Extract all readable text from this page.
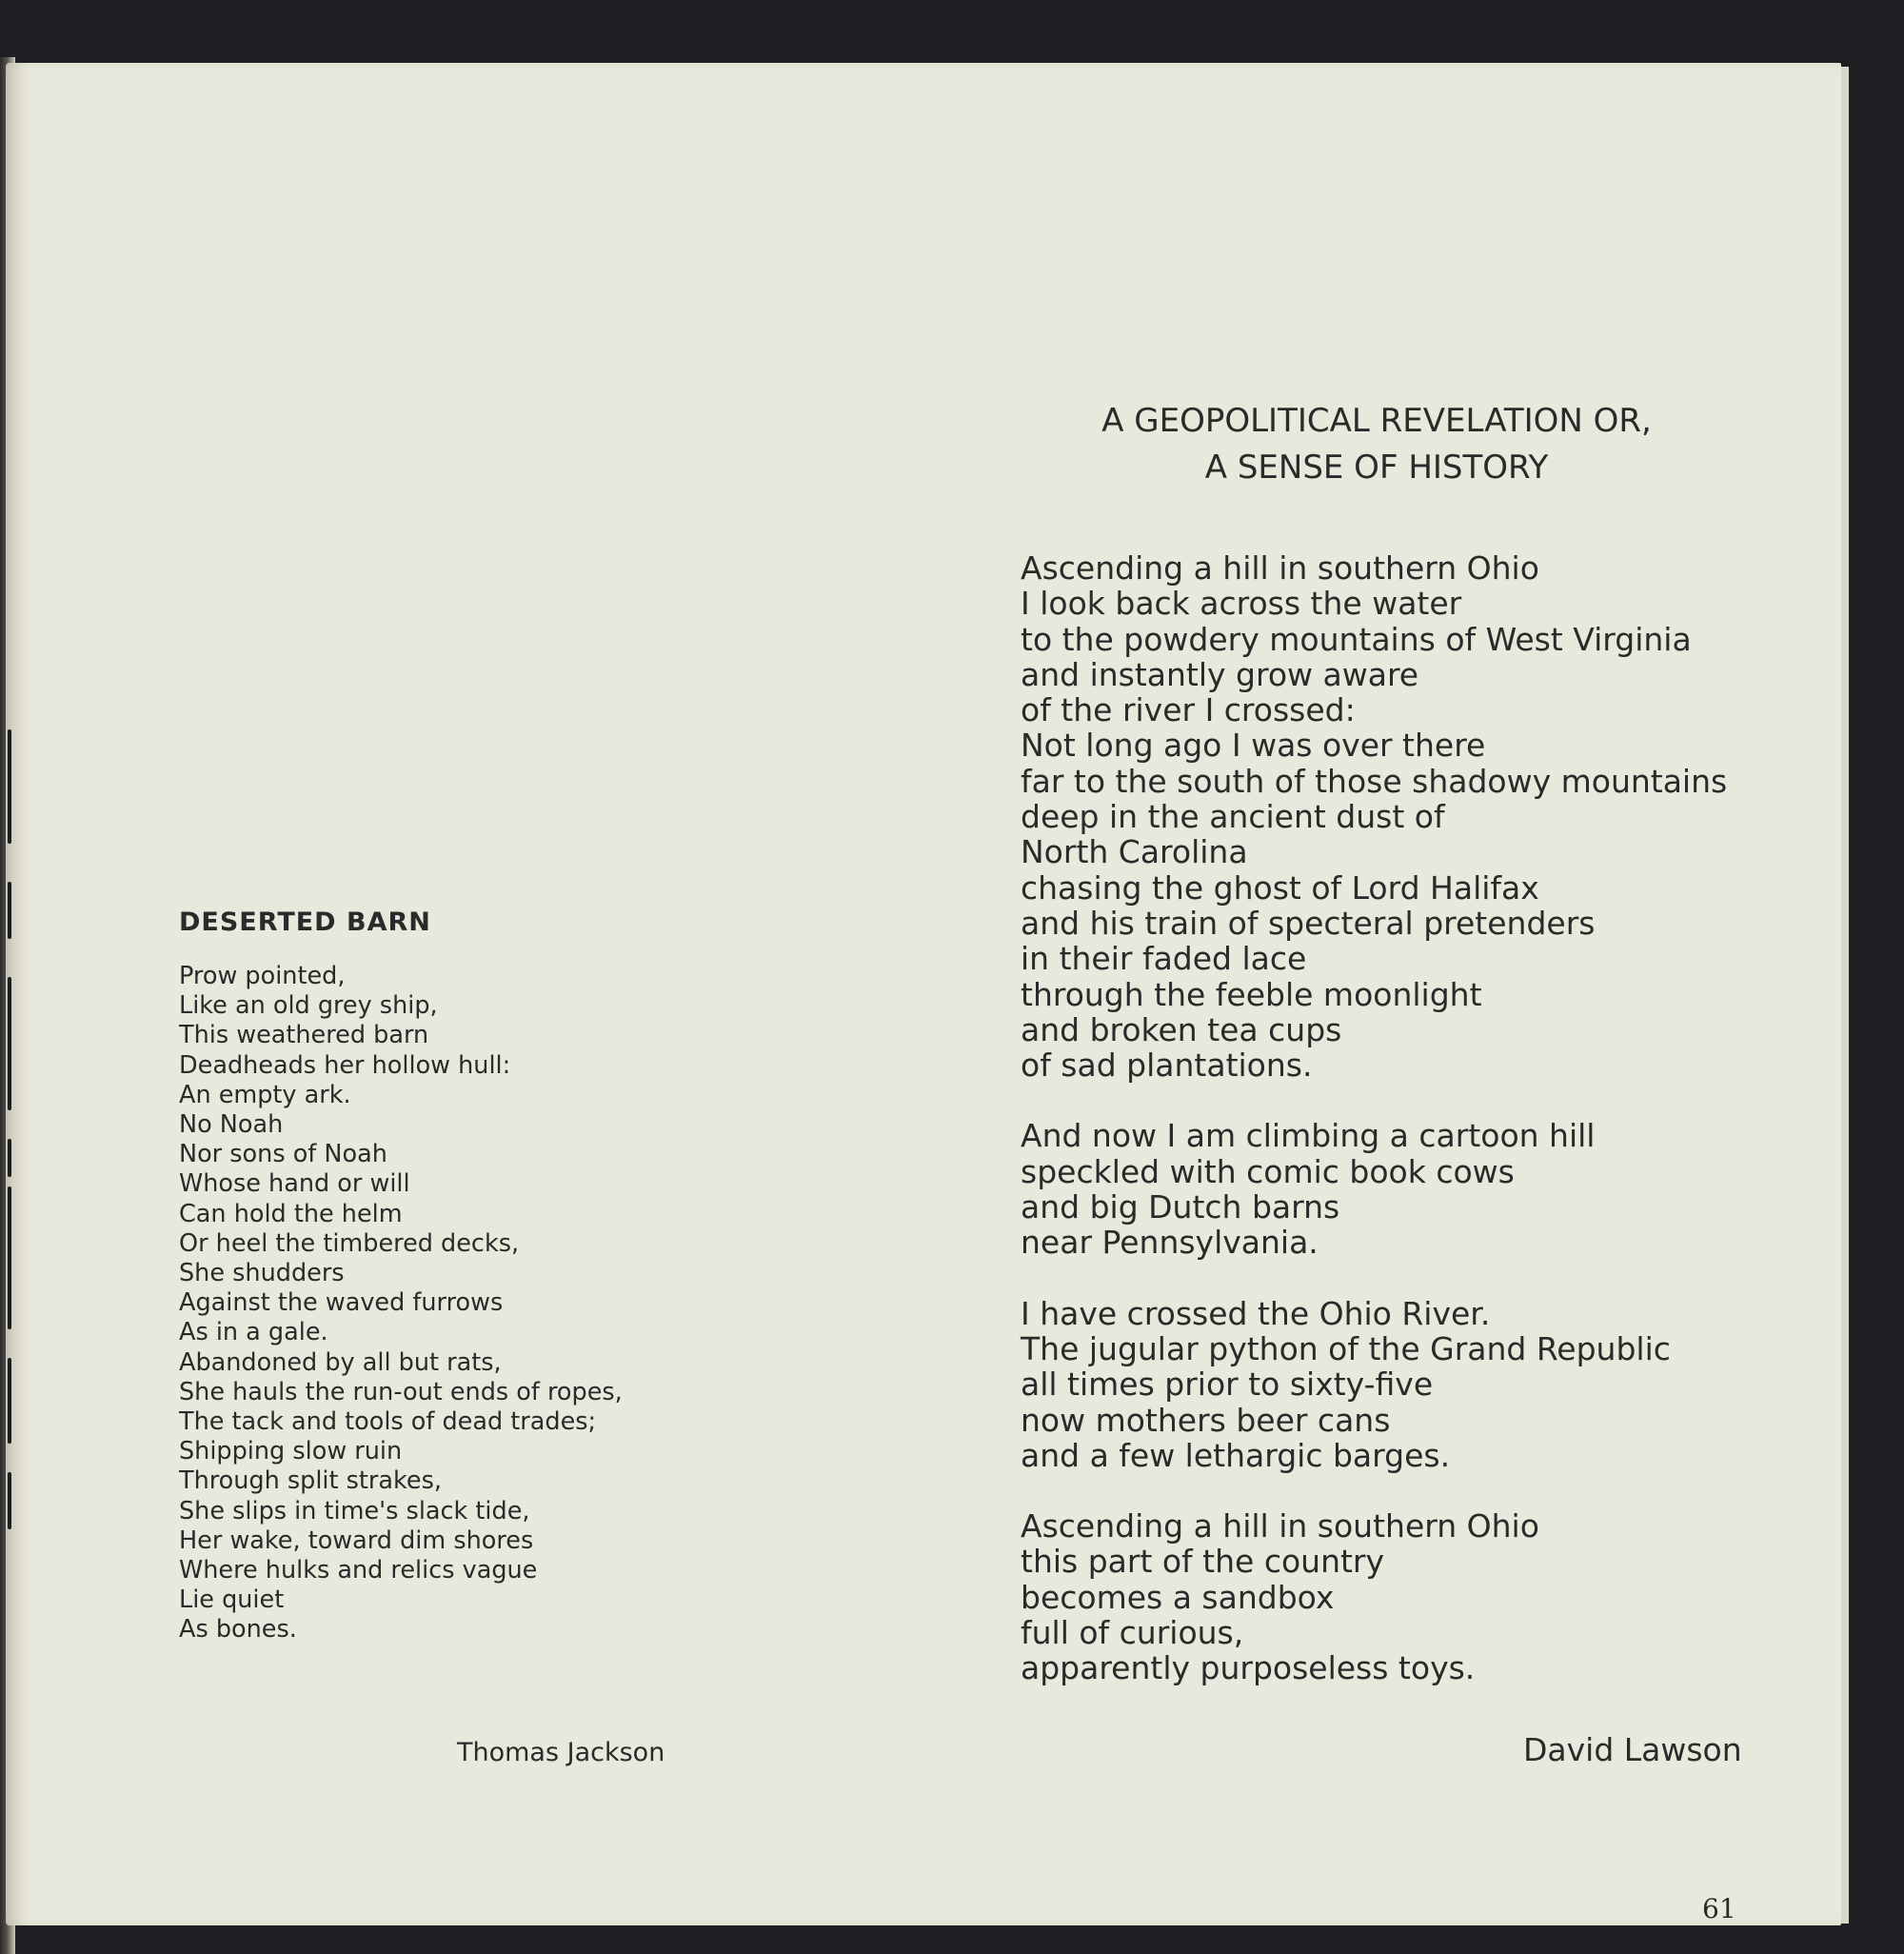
DESERTED BARN
Prow pointed,
Like an old grey ship,
This weathered barn
Deadheads her hollow hull:
An empty ark.
No Noah
Nor sons of Noah
Whose hand or will
Can hold the helm
Or heel the timbered decks,
She shudders
Against the waved furrows
As in a gale.
Abandoned by all but rats,
She hauls the run-out ends of ropes,
The tack and tools of dead trades;
Shipping slow ruin
Through split strakes,
She slips in time's slack tide,
Her wake, toward dim shores
Where hulks and relics vague
Lie quiet
As bones.
Thomas Jackson
A GEOPOLITICAL REVELATION OR,
A SENSE OF HISTORY
Ascending a hill in southern Ohio
I look back across the water
to the powdery mountains of West Virginia
and instantly grow aware
of the river I crossed:
Not long ago I was over there
far to the south of those shadowy mountains
deep in the ancient dust of
North Carolina
chasing the ghost of Lord Halifax
and his train of specteral pretenders
in their faded lace
through the feeble moonlight
and broken tea cups
of sad plantations.
And now I am climbing a cartoon hill
speckled with comic book cows
and big Dutch barns
near Pennsylvania.
I have crossed the Ohio River.
The jugular python of the Grand Republic
all times prior to sixty-five
now mothers beer cans
and a few lethargic barges.
Ascending a hill in southern Ohio
this part of the country
becomes a sandbox
full of curious,
apparently purposeless toys.
David Lawson
61
